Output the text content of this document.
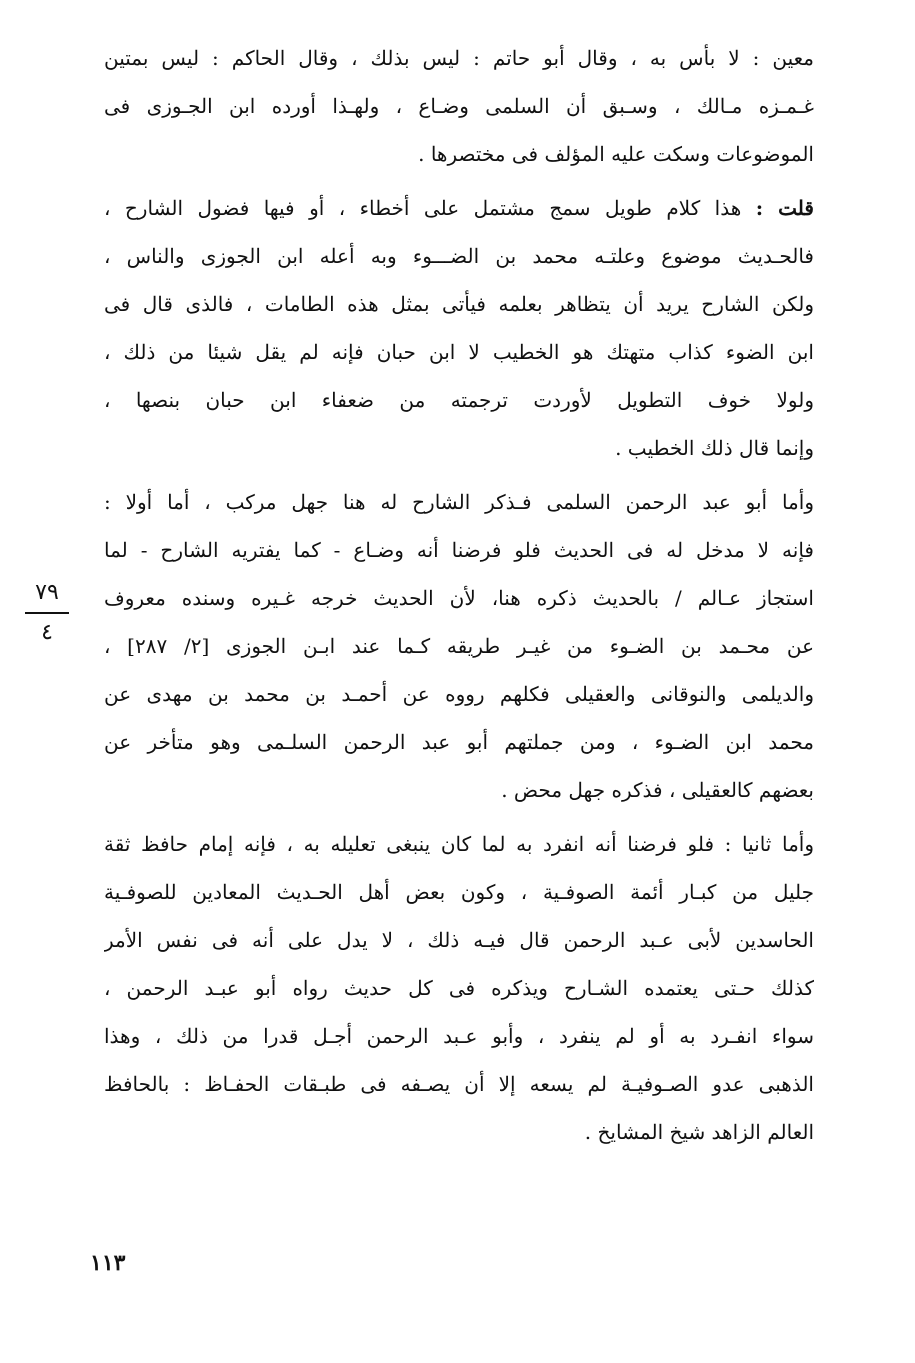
معين : لا بأس به ، وقال أبو حاتم : ليس بذلك ، وقال الحاكم : ليس بمتين
غـمـزه مـالك ، وسـبق أن السلمى وضـاع ، ولهـذا أورده ابن الجـوزى فى
الموضوعات وسكت عليه المؤلف فى مختصرها .
قلت : هذا كلام طويل سمج مشتمل على أخطاء ، أو فيها فضول الشارح ،
فالحـديث موضوع وعلتـه محمد بن الضـــوء وبه أعله ابن الجوزى والناس ،
ولكن الشارح يريد أن يتظاهر بعلمه فيأتى بمثل هذه الطامات ، فالذى قال فى
ابن الضوء كذاب متهتك هو الخطيب لا ابن حبان فإنه لم يقل شيئا من ذلك ،
ولولا خوف التطويل لأوردت ترجمته من ضعفاء ابن حبان بنصها ،
وإنما قال ذلك الخطيب .
وأما أبو عبد الرحمن السلمى فـذكر الشارح له هنا جهل مركب ، أما أولا :
فإنه لا مدخل له فى الحديث فلو فرضنا أنه وضـاع - كما يفتريه الشارح - لما
استجاز عـالم / بالحديث ذكره هنا، لأن الحديث خرجه غـيره وسنده معروف
عن محـمد بن الضـوء من غيـر طريقه كـما عند ابـن الجوزى [٢/ ٢٨٧] ،
والديلمى والنوقانى والعقيلى فكلهم رووه عن أحمـد بن محمد بن مهدى عن
محمد ابن الضـوء ، ومن جملتهم أبو عبد الرحمن السلـمى وهو متأخر عن
بعضهم كالعقيلى ، فذكره جهل محض .
وأما ثانيا : فلو فرضنا أنه انفرد به لما كان ينبغى تعليله به ، فإنه إمام حافظ ثقة
جليل من كبـار أئمة الصوفـية ، وكون بعض أهل الحـديث المعادين للصوفـية
الحاسدين لأبى عـبد الرحمن قال فيـه ذلك ، لا يدل على أنه فى نفس الأمر
كذلك حـتى يعتمده الشـارح ويذكره فى كل حديث رواه أبو عبـد الرحمن ،
سواء انفـرد به أو لم ينفرد ، وأبو عـبد الرحمن أجـل قدرا من ذلك ، وهذا
الذهبى عدو الصـوفيـة لم يسعه إلا أن يصـفه فى طبـقات الحفـاظ : بالحافظ
العالم الزاهد شيخ المشايخ .
٧٩
٤
١١٣
